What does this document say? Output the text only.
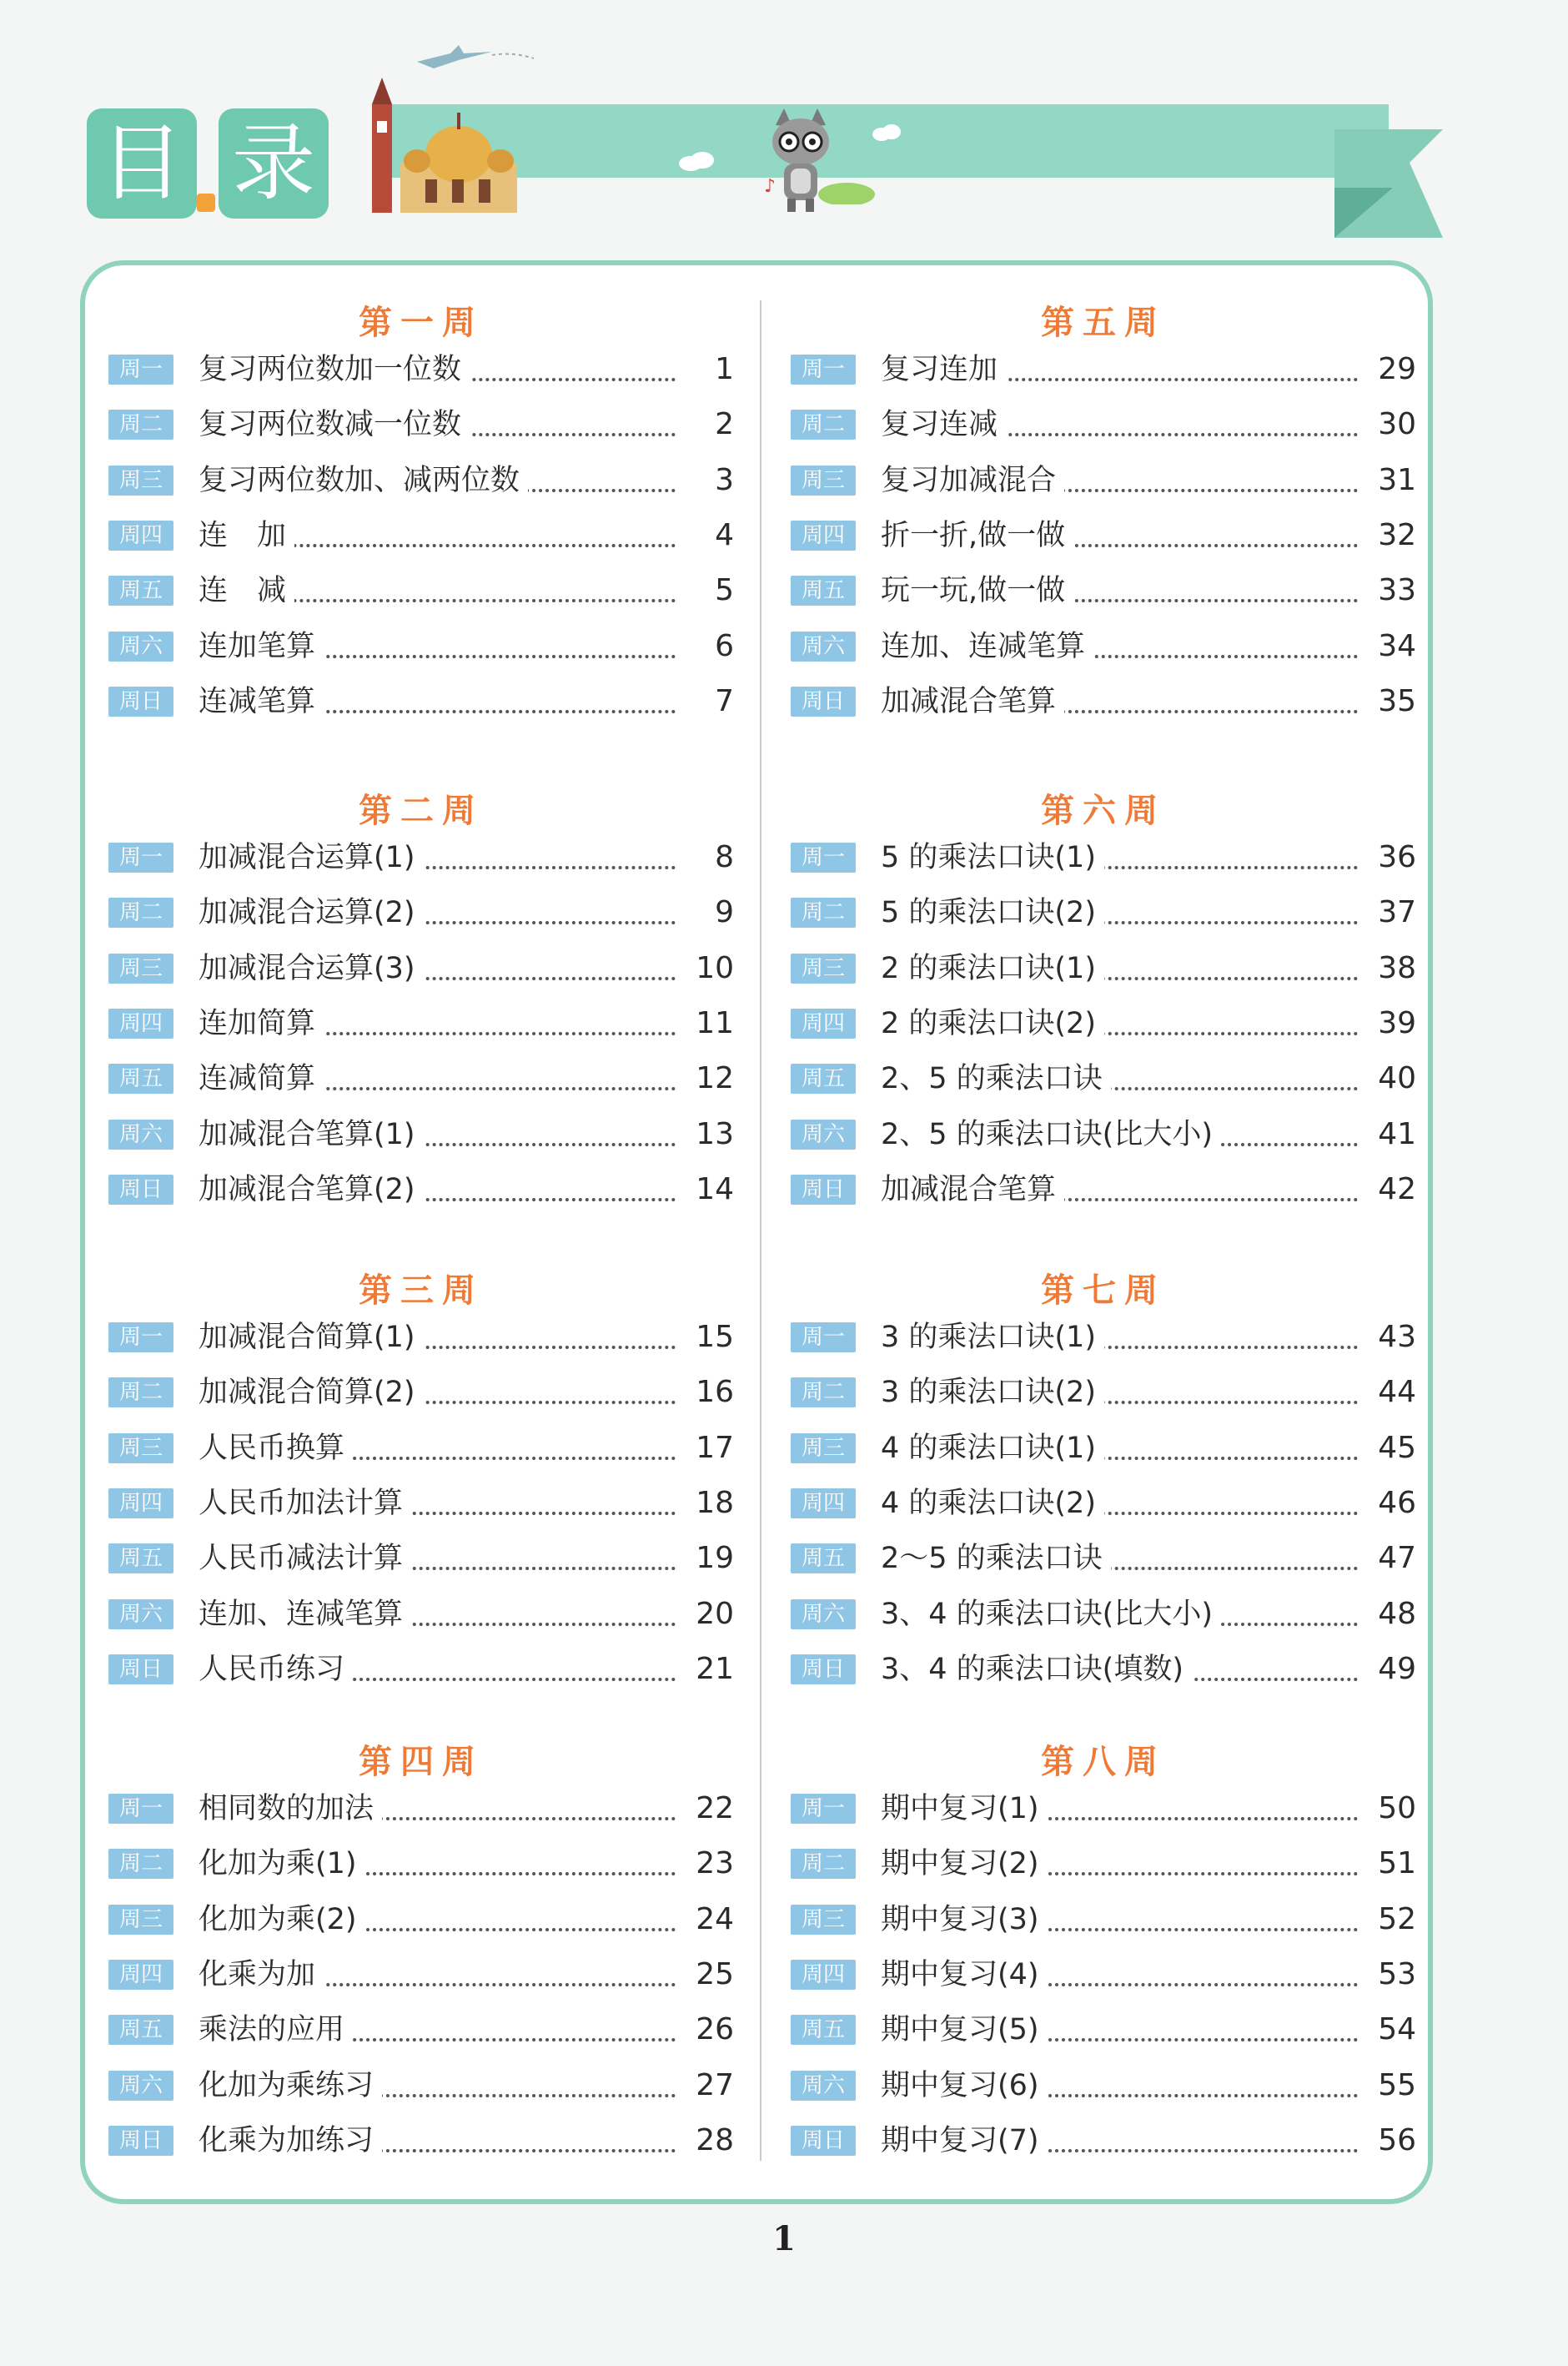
目 录	♪
第一周
周一	复习两位数加一位数	1
周二	复习两位数减一位数	2
周三	复习两位数加、减两位数	3
周四	连　加	4
周五	连　减	5
周六	连加笔算	6
周日	连减笔算	7
第二周
周一	加减混合运算(1)	8
周二	加减混合运算(2)	9
周三	加减混合运算(3)	10
周四	连加简算	11
周五	连减简算	12
周六	加减混合笔算(1)	13
周日	加减混合笔算(2)	14
第三周
周一	加减混合简算(1)	15
周二	加减混合简算(2)	16
周三	人民币换算	17
周四	人民币加法计算	18
周五	人民币减法计算	19
周六	连加、连减笔算	20
周日	人民币练习	21
第四周
周一	相同数的加法	22
周二	化加为乘(1)	23
周三	化加为乘(2)	24
周四	化乘为加	25
周五	乘法的应用	26
周六	化加为乘练习	27
周日	化乘为加练习	28
第五周
周一	复习连加	29
周二	复习连减	30
周三	复习加减混合	31
周四	折一折,做一做	32
周五	玩一玩,做一做	33
周六	连加、连减笔算	34
周日	加减混合笔算	35
第六周
周一	5 的乘法口诀(1)	36
周二	5 的乘法口诀(2)	37
周三	2 的乘法口诀(1)	38
周四	2 的乘法口诀(2)	39
周五	2、5 的乘法口诀	40
周六	2、5 的乘法口诀(比大小)	41
周日	加减混合笔算	42
第七周
周一	3 的乘法口诀(1)	43
周二	3 的乘法口诀(2)	44
周三	4 的乘法口诀(1)	45
周四	4 的乘法口诀(2)	46
周五	2～5 的乘法口诀	47
周六	3、4 的乘法口诀(比大小)	48
周日	3、4 的乘法口诀(填数)	49
第八周
周一	期中复习(1)	50
周二	期中复习(2)	51
周三	期中复习(3)	52
周四	期中复习(4)	53
周五	期中复习(5)	54
周六	期中复习(6)	55
周日	期中复习(7)	56
1
